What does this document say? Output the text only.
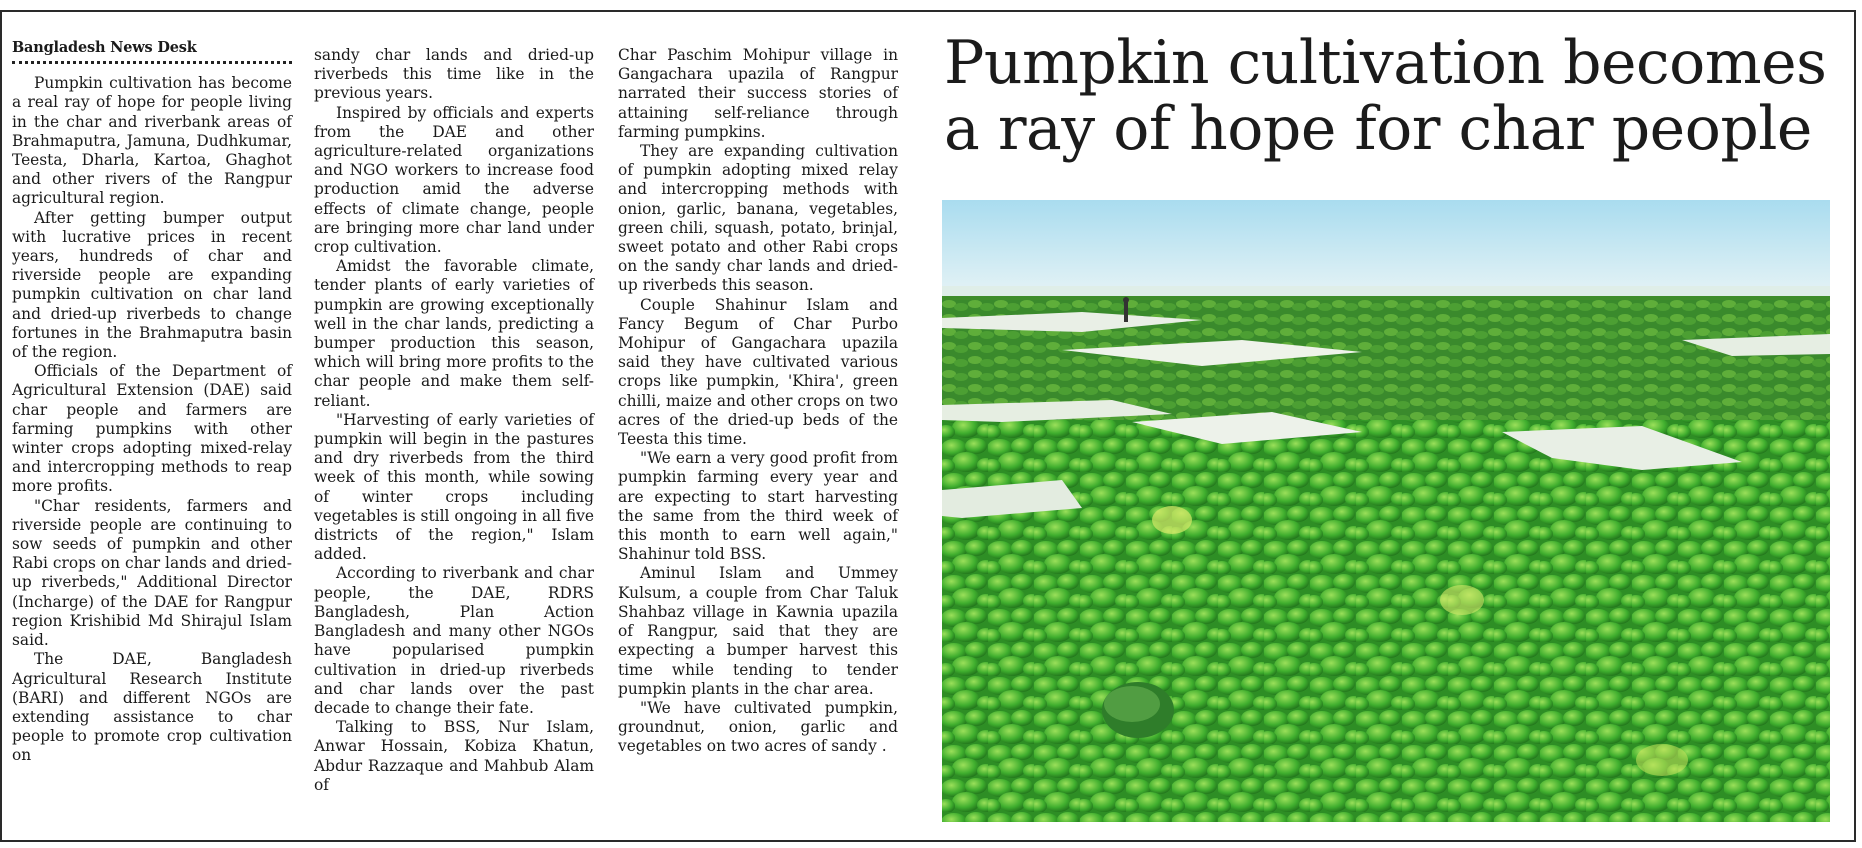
Bangladesh News Desk

Pumpkin cultivation has become a real ray of hope for people living in the char and riverbank areas of Brahmaputra, Jamuna, Dudhkumar, Teesta, Dharla, Kartoa, Ghaghot and other rivers of the Rangpur agricultural region.

After getting bumper output with lucrative prices in recent years, hundreds of char and riverside people are expanding pumpkin cultivation on char land and dried-up riverbeds to change fortunes in the Brahmaputra basin of the region.

Officials of the Department of Agricultural Extension (DAE) said char people and farmers are farming pumpkins with other winter crops adopting mixed-relay and intercropping methods to reap more profits.

"Char residents, farmers and riverside people are continuing to sow seeds of pumpkin and other Rabi crops on char lands and dried-up riverbeds," Additional Director (Incharge) of the DAE for Rangpur region Krishibid Md Shirajul Islam said.

The DAE, Bangladesh Agricultural Research Institute (BARI) and different NGOs are extending assistance to char people to promote crop cultivation on

sandy char lands and dried-up riverbeds this time like in the previous years.

Inspired by officials and experts from the DAE and other agriculture-related organizations and NGO workers to increase food production amid the adverse effects of climate change, people are bringing more char land under crop cultivation.

Amidst the favorable climate, tender plants of early varieties of pumpkin are growing exceptionally well in the char lands, predicting a bumper production this season, which will bring more profits to the char people and make them self-reliant.

"Harvesting of early varieties of pumpkin will begin in the pastures and dry riverbeds from the third week of this month, while sowing of winter crops including vegetables is still ongoing in all five districts of the region," Islam added.

According to riverbank and char people, the DAE, RDRS Bangladesh, Plan Action Bangladesh and many other NGOs have popularised pumpkin cultivation in dried-up riverbeds and char lands over the past decade to change their fate.

Talking to BSS, Nur Islam, Anwar Hossain, Kobiza Khatun, Abdur Razzaque and Mahbub Alam of

Char Paschim Mohipur village in Gangachara upazila of Rangpur narrated their success stories of attaining self-reliance through farming pumpkins.

They are expanding cultivation of pumpkin adopting mixed relay and intercropping methods with onion, garlic, banana, vegetables, green chili, squash, potato, brinjal, sweet potato and other Rabi crops on the sandy char lands and dried-up riverbeds this season.

Couple Shahinur Islam and Fancy Begum of Char Purbo Mohipur of Gangachara upazila said they have cultivated various crops like pumpkin, 'Khira', green chilli, maize and other crops on two acres of the dried-up beds of the Teesta this time.

"We earn a very good profit from pumpkin farming every year and are expecting to start harvesting the same from the third week of this month to earn well again," Shahinur told BSS.

Aminul Islam and Ummey Kulsum, a couple from Char Taluk Shahbaz village in Kawnia upazila of Rangpur, said that they are expecting a bumper harvest this time while tending to tender pumpkin plants in the char area.

"We have cultivated pumpkin, groundnut, onion, garlic and vegetables on two acres of sandy .

Pumpkin cultivation becomes a ray of hope for char people
